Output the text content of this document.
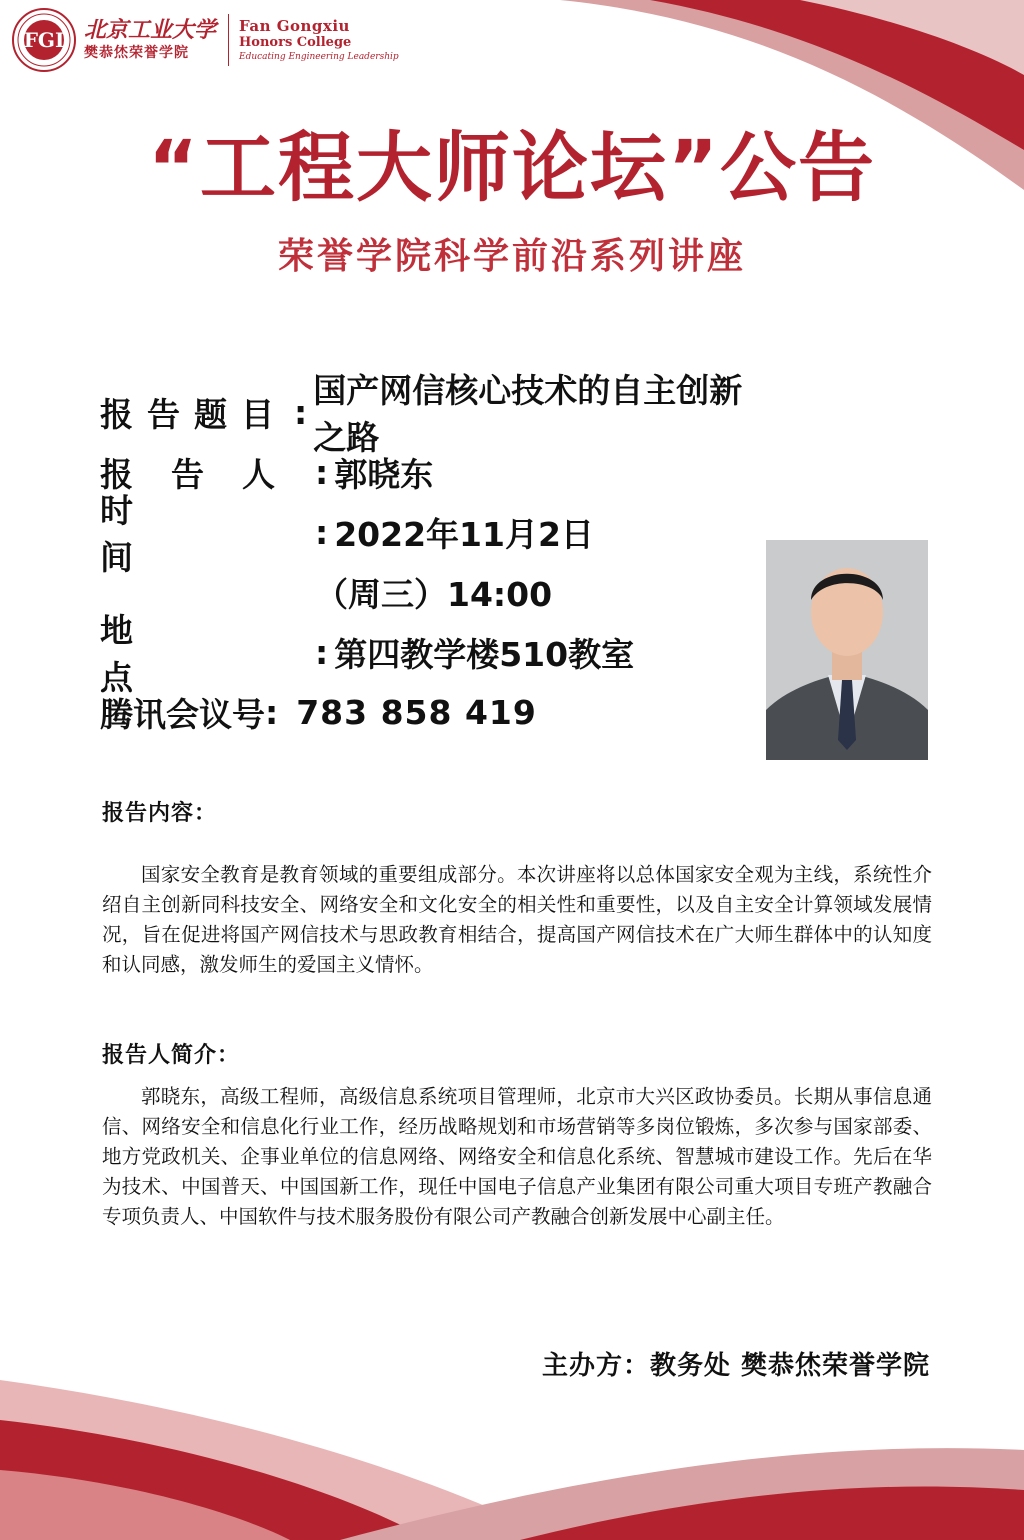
FGI 北京工业大学
樊恭烋荣誉学院
Fan Gongxiu
Honors College
Educating Engineering Leadership
“工程大师论坛”公告
荣誉学院科学前沿系列讲座
报告题目 :
国产网信核心技术的自主创新之路
报告人 : 郭晓东
时间
: 2022年11月2日
（周三）14:00
地点
: 第四教学楼510教室
腾讯会议号 : 783 858 419
报告内容：
国家安全教育是教育领域的重要组成部分。本次讲座将以总体国家安全观为主线，系统性介绍自主创新同科技安全、网络安全和文化安全的相关性和重要性，以及自主安全计算领域发展情况，旨在促进将国产网信技术与思政教育相结合，提高国产网信技术在广大师生群体中的认知度和认同感，激发师生的爱国主义情怀。
报告人简介：
郭晓东，高级工程师，高级信息系统项目管理师，北京市大兴区政协委员。长期从事信息通信、网络安全和信息化行业工作，经历战略规划和市场营销等多岗位锻炼，多次参与国家部委、地方党政机关、企事业单位的信息网络、网络安全和信息化系统、智慧城市建设工作。先后在华为技术、中国普天、中国国新工作，现任中国电子信息产业集团有限公司重大项目专班产教融合专项负责人、中国软件与技术服务股份有限公司产教融合创新发展中心副主任。
主办方：教务处 樊恭烋荣誉学院
